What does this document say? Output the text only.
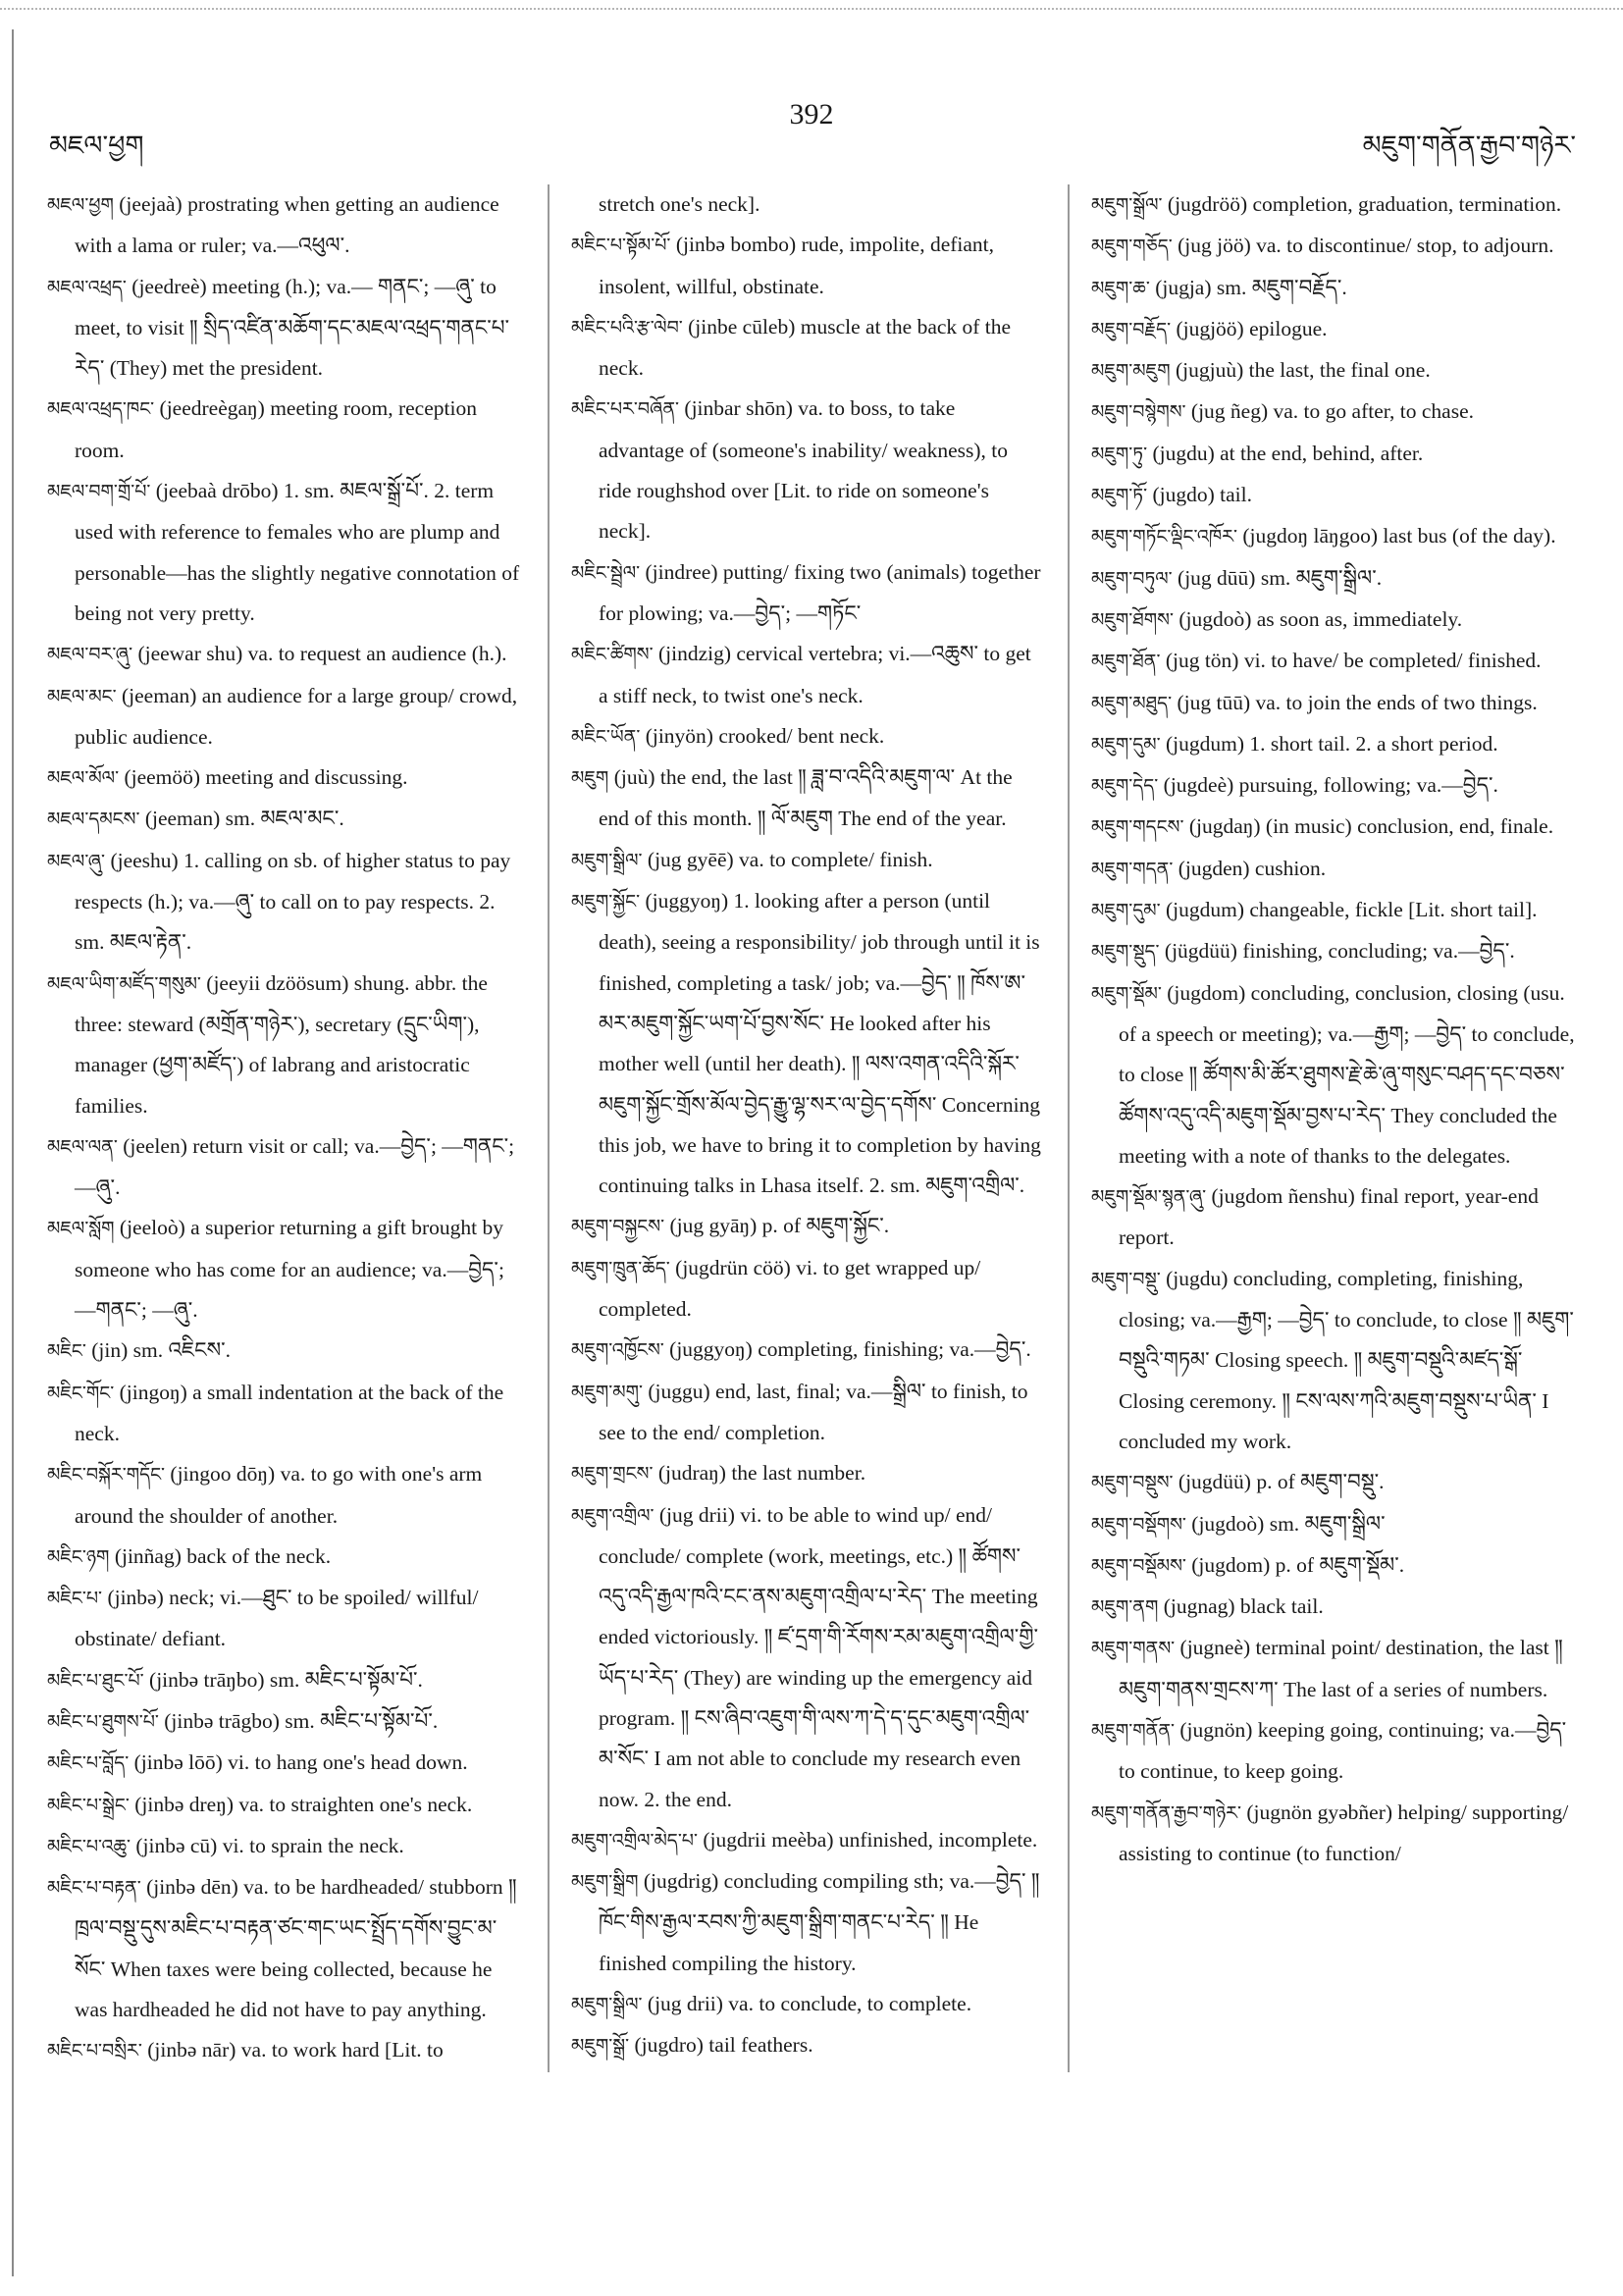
མཇལ་ཕྱག
392
མཇུག་གནོན་རྒྱབ་གཉེར་

མཇལ་ཕྱག (jeejaà) prostrating when getting an audience with a lama or ruler; va.—འཕུལ་.

མཇལ་འཕྲད་ (jeedreè) meeting (h.); va.— གནང་; —ཞུ་ to meet, to visit ༎ སྲིད་འཛིན་མཆོག་དང་མཇལ་འཕྲད་གནང་པ་རེད་ (They) met the president.

མཇལ་འཕྲད་ཁང་ (jeedreègaŋ) meeting room, reception room.

མཇལ་བག་གྲོ་པོ་ (jeebaà drōbo) 1. sm. མཇལ་སྒྲོ་པོ་. 2. term used with reference to females who are plump and personable—has the slightly negative connotation of being not very pretty.

མཇལ་བར་ཞུ་ (jeewar shu) va. to request an audience (h.).

མཇལ་མང་ (jeeman) an audience for a large group/ crowd, public audience.

མཇལ་མོལ་ (jeemöö) meeting and discussing.

མཇལ་དམངས་ (jeeman) sm. མཇལ་མང་.

མཇལ་ཞུ་ (jeeshu) 1. calling on sb. of higher status to pay respects (h.); va.—ཞུ་ to call on to pay respects. 2. sm. མཇལ་རྟེན་.

མཇལ་ཡིག་མཛོད་གསུམ་ (jeeyii dzöösum) shung. abbr. the three: steward (མགྲོན་གཉེར་), secretary (དྲུང་ཡིག་), manager (ཕྱག་མཛོད་) of labrang and aristocratic families.

མཇལ་ལན་ (jeelen) return visit or call; va.—བྱེད་; —གནང་; —ཞུ་.

མཇལ་སློག (jeeloò) a superior returning a gift brought by someone who has come for an audience; va.—བྱེད་; —གནང་; —ཞུ་.

མཇིང་ (jin) sm. འཇིངས་.

མཇིང་གོང་ (jingoŋ) a small indentation at the back of the neck.

མཇིང་བསྐོར་གདོང་ (jingoo dōŋ) va. to go with one's arm around the shoulder of another.

མཇིང་ཉག (jinñag) back of the neck.

མཇིང་པ་ (jinbə) neck; vi.—ཐུང་ to be spoiled/ willful/ obstinate/ defiant.

མཇིང་པ་ཐུང་པོ་ (jinbə trāŋbo) sm. མཇིང་པ་སྟོམ་པོ་.

མཇིང་པ་ཐུགས་པོ་ (jinbə trāgbo) sm. མཇིང་པ་སྟོམ་པོ་.

མཇིང་པ་བློད་ (jinbə lōō) vi. to hang one's head down.

མཇིང་པ་སྒྲེང་ (jinbə dreŋ) va. to straighten one's neck.

མཇིང་པ་འཆུ་ (jinbə cū) vi. to sprain the neck.

མཇིང་པ་བརྟན་ (jinbə dēn) va. to be hardheaded/ stubborn ༎ ཁྲལ་བསྡུ་དུས་མཇིང་པ་བརྟན་ཙང་གང་ཡང་སྤྲོད་དགོས་བྱུང་མ་སོང་ When taxes were being collected, because he was hardheaded he did not have to pay anything.

མཇིང་པ་བསྲིར་ (jinbə nār) va. to work hard [Lit. to

stretch one's neck].

མཇིང་པ་སྟོམ་པོ་ (jinbə bombo) rude, impolite, defiant, insolent, willful, obstinate.

མཇིང་པའི་རྩ་ལེབ་ (jinbe cūleb) muscle at the back of the neck.

མཇིང་པར་བཞོན་ (jinbar shōn) va. to boss, to take advantage of (someone's inability/ weakness), to ride roughshod over [Lit. to ride on someone's neck].

མཇིང་སྦྲེལ་ (jindree) putting/ fixing two (animals) together for plowing; va.—བྱེད་; —གཏོང་

མཇིང་ཚིགས་ (jindzig) cervical vertebra; vi.—འཆུས་ to get a stiff neck, to twist one's neck.

མཇིང་ཡོན་ (jinyön) crooked/ bent neck.

མཇུག (juù) the end, the last ༎ ཟླ་བ་འདིའི་མཇུག་ལ་ At the end of this month. ༎ ལོ་མཇུག The end of the year.

མཇུག་སྒྲིལ་ (jug gyēē) va. to complete/ finish.

མཇུག་སྐྱོང་ (juggyoŋ) 1. looking after a person (until death), seeing a responsibility/ job through until it is finished, completing a task/ job; va.—བྱེད་ ༎ ཁོས་ཨ་མར་མཇུག་སྐྱོང་ཡག་པོ་བྱས་སོང་ He looked after his mother well (until her death). ༎ ལས་འགན་འདིའི་སྐོར་མཇུག་སྐྱོང་གྲོས་མོལ་བྱེད་རྒྱུ་ལྷ་སར་ལ་བྱེད་དགོས་ Concerning this job, we have to bring it to completion by having continuing talks in Lhasa itself. 2. sm. མཇུག་འགྲིལ་.

མཇུག་བསྐྱངས་ (jug gyāŋ) p. of མཇུག་སྐྱོང་.

མཇུག་ཁྲུན་ཆོད་ (jugdrün cöö) vi. to get wrapped up/ completed.

མཇུག་འཁྱོངས་ (juggyoŋ) completing, finishing; va.—བྱེད་.

མཇུག་མགུ་ (juggu) end, last, final; va.—སྒྲིལ་ to finish, to see to the end/ completion.

མཇུག་གྲངས་ (judraŋ) the last number.

མཇུག་འགྲིལ་ (jug drii) vi. to be able to wind up/ end/ conclude/ complete (work, meetings, etc.) ༎ ཚོགས་འདུ་འདི་རྒྱལ་ཁའི་ངང་ནས་མཇུག་འགྲིལ་པ་རེད་ The meeting ended victoriously. ༎ ཛ་དྲག་གི་རོགས་རམ་མཇུག་འགྲིལ་གྱི་ཡོད་པ་རེད་ (They) are winding up the emergency aid program. ༎ ངས་ཞིབ་འཇུག་གི་ལས་ཀ་དེ་ད་དུང་མཇུག་འགྲིལ་མ་སོང་ I am not able to conclude my research even now. 2. the end.

མཇུག་འགྲིལ་མེད་པ་ (jugdrii meèba) unfinished, incomplete.

མཇུག་སྒྲིག (jugdrig) concluding compiling sth; va.—བྱེད་ ༎ ཁོང་གིས་རྒྱལ་རབས་ཀྱི་མཇུག་སྒྲིག་གནང་པ་རེད་ ༎ He finished compiling the history.

མཇུག་སྒྲིལ་ (jug drii) va. to conclude, to complete.

མཇུག་སྒྲོ་ (jugdro) tail feathers.

མཇུག་སྒྲོལ་ (jugdröö) completion, graduation, termination.

མཇུག་གཅོད་ (jug jöö) va. to discontinue/ stop, to adjourn.

མཇུག་ཆ་ (jugja) sm. མཇུག་བརྗོད་.

མཇུག་བརྗོད་ (jugjöö) epilogue.

མཇུག་མཇུག (jugjuù) the last, the final one.

མཇུག་བསྙེགས་ (jug ñeg) va. to go after, to chase.

མཇུག་ཏུ་ (jugdu) at the end, behind, after.

མཇུག་ཏོ་ (jugdo) tail.

མཇུག་གཏོང་ལྡིང་འཁོར་ (jugdoŋ lāŋgoo) last bus (of the day).

མཇུག་བཏུལ་ (jug dūū) sm. མཇུག་སྒྲིལ་.

མཇུག་ཐོགས་ (jugdoò) as soon as, immediately.

མཇུག་ཐོན་ (jug tön) vi. to have/ be completed/ finished.

མཇུག་མཐུད་ (jug tūū) va. to join the ends of two things.

མཇུག་དུམ་ (jugdum) 1. short tail. 2. a short period.

མཇུག་དེད་ (jugdeè) pursuing, following; va.—བྱེད་.

མཇུག་གདངས་ (jugdaŋ) (in music) conclusion, end, finale.

མཇུག་གདན་ (jugden) cushion.

མཇུག་དུམ་ (jugdum) changeable, fickle [Lit. short tail].

མཇུག་སྡུད་ (jügdüü) finishing, concluding; va.—བྱེད་.

མཇུག་སྡོམ་ (jugdom) concluding, conclusion, closing (usu. of a speech or meeting); va.—རྒྱག; —བྱེད་ to conclude, to close ༎ ཚོགས་མི་ཚོར་ཐུགས་རྗེ་ཆེ་ཞུ་གསུང་བཤད་དང་བཅས་ཚོགས་འདུ་འདི་མཇུག་སྡོམ་བྱས་པ་རེད་ They concluded the meeting with a note of thanks to the delegates.

མཇུག་སྡོམ་སྙན་ཞུ་ (jugdom ñenshu) final report, year-end report.

མཇུག་བསྡུ་ (jugdu) concluding, completing, finishing, closing; va.—རྒྱག; —བྱེད་ to conclude, to close ༎ མཇུག་བསྡུའི་གཏམ་ Closing speech. ༎ མཇུག་བསྡུའི་མཛད་སྒོ་ Closing ceremony. ༎ ངས་ལས་ཀའི་མཇུག་བསྡུས་པ་ཡིན་ I concluded my work.

མཇུག་བསྡུས་ (jugdüü) p. of མཇུག་བསྡུ་.

མཇུག་བསྡོགས་ (jugdoò) sm. མཇུག་སྒྲིལ་

མཇུག་བསྡོམས་ (jugdom) p. of མཇུག་སྡོམ་.

མཇུག་ནག (jugnag) black tail.

མཇུག་གནས་ (jugneè) terminal point/ destination, the last ༎ མཇུག་གནས་གྲངས་ཀ་ The last of a series of numbers.

མཇུག་གནོན་ (jugnön) keeping going, continuing; va.—བྱེད་ to continue, to keep going.

མཇུག་གནོན་རྒྱབ་གཉེར་ (jugnön gyəbñer) helping/ supporting/ assisting to continue (to function/
